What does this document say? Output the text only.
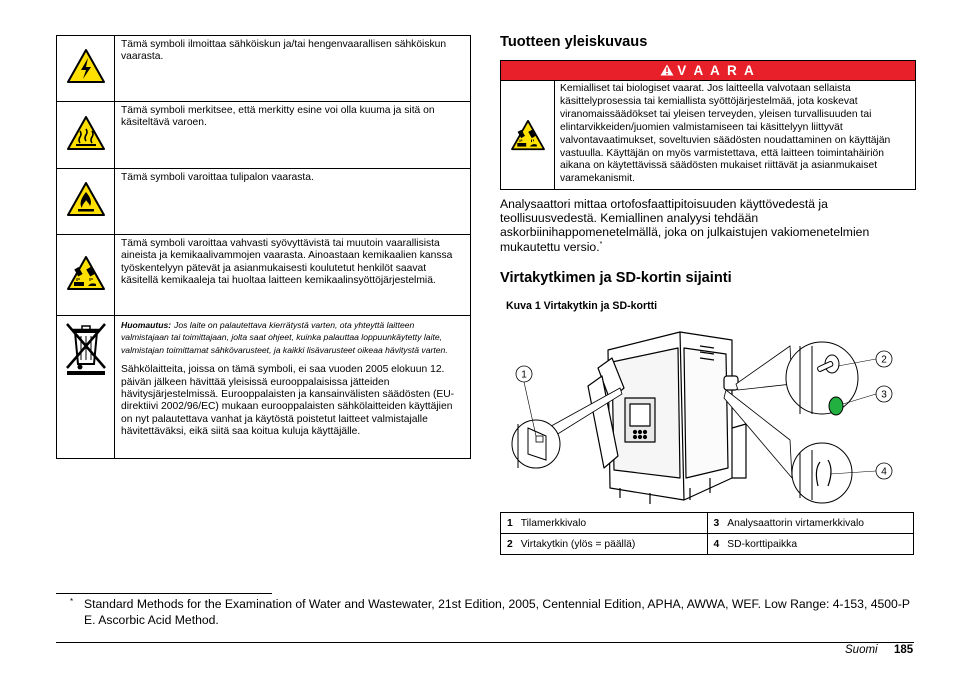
	Tämä symboli ilmoittaa sähköiskun ja/tai hengenvaarallisen sähköiskun vaarasta.
	Tämä symboli merkitsee, että merkitty esine voi olla kuuma ja sitä on käsiteltävä varoen.
	Tämä symboli varoittaa tulipalon vaarasta.
	Tämä symboli varoittaa vahvasti syövyttävistä tai muutoin vaarallisista aineista ja kemikaalivammojen vaarasta. Ainoastaan kemikaalien kanssa työskentelyyn pätevät ja asianmukaisesti koulutetut henkilöt saavat käsitellä kemikaaleja tai huoltaa laitteen kemikaalinsyöttöjärjestelmiä.

Huomautus: Jos laite on palautettava kierrätystä varten, ota yhteyttä laitteen valmistajaan tai toimittajaan, jolta saat ohjeet, kuinka palauttaa loppuunkäytetty laite, valmistajan toimittamat sähkövarusteet, ja kaikki lisävarusteet oikeaa hävitystä varten.
Sähkölaitteita, joissa on tämä symboli, ei saa vuoden 2005 elokuun 12. päivän jälkeen hävittää yleisissä eurooppalaisissa jätteiden hävitysjärjestelmissä. Eurooppalaisten ja kansainvälisten säädösten (EU-direktiivi 2002/96/EC) mukaan eurooppalaisten sähkölaitteiden käyttäjien on nyt palautettava vanhat ja käytöstä poistetut laitteet valmistajalle hävitettäväksi, eikä siitä saa koitua kuluja käyttäjälle.
Tuotteen yleiskuvaus
V A A R A
Kemialliset tai biologiset vaarat. Jos laitteella valvotaan sellaista käsittelyprosessia tai kemiallista syöttöjärjestelmää, jota koskevat viranomaissäädökset tai yleisen terveyden, yleisen turvallisuuden tai elintarvikkeiden/juomien valmistamiseen tai käsittelyyn liittyvät valvontavaatimukset, soveltuvien säädösten noudattaminen on käyttäjän vastuulla. Käyttäjän on myös varmistettava, että laitteen toimintahäiriön aikana on käytettävissä säädösten mukaiset riittävät ja asianmukaiset varamekanismit.
Analysaattori mittaa ortofosfaattipitoisuuden käyttövedestä ja teollisuusvedestä. Kemiallinen analyysi tehdään askorbiinihappomenetelmällä, joka on julkaistujen vakiomenetelmien mukautettu versio.*
Virtakytkimen ja SD-kortin sijainti
Kuva 1 Virtakytkin ja SD-kortti
1
2
3
4
1 Tilamerkkivalo	3 Analysaattorin virtamerkkivalo
2 Virtakytkin (ylös = päällä)	4 SD-korttipaikka
* Standard Methods for the Examination of Water and Wastewater, 21st Edition, 2005, Centennial Edition, APHA, AWWA, WEF. Low Range: 4-153, 4500-P E. Ascorbic Acid Method.
Suomi 185
